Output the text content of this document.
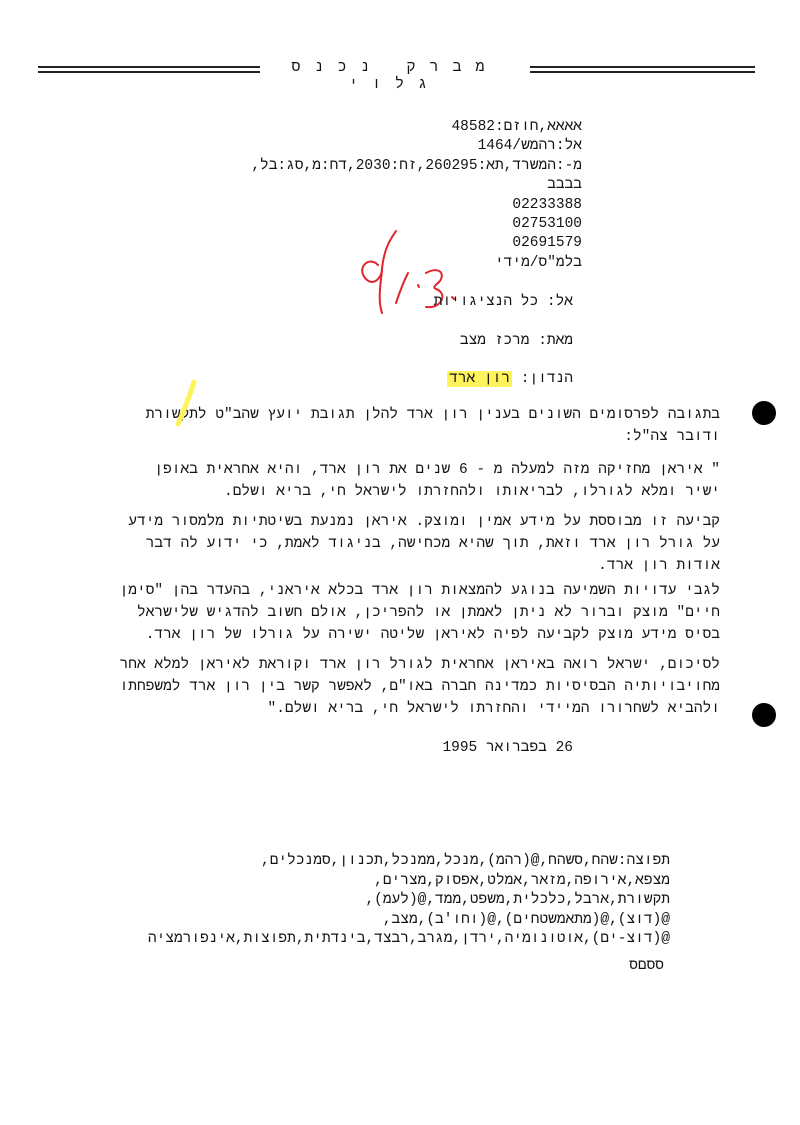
מברק נכנס גלוי
אאאא,חוזם:48582
אל:רהמש/1464
מ-:המשרד,תא:260295,זח:2030,דח:מ,סג:בל,
בבבב
02233388
02753100
02691579
בלמ"ס/מידי
אל: כל הנציגויות
מאת: מרכז מצב
הנדון: רון ארד
בתגובה לפרסומים השונים בענין רון ארד להלן תגובת יועץ שהב"ט לתקשורת
ודובר צה"ל:
" איראן מחזיקה מזה למעלה מ - 6 שנים את רון ארד, והיא אחראית באופן
ישיר ומלא לגורלו, לבריאותו ולהחזרתו לישראל חי, בריא ושלם.
קביעה זו מבוססת על מידע אמין ומוצק. איראן נמנעת בשיטתיות מלמסור מידע
על גורל רון ארד וזאת, תוך שהיא מכחישה, בניגוד לאמת, כי ידוע לה דבר
אודות רון ארד.
לגבי עדויות השמיעה בנוגע להמצאות רון ארד בכלא איראני, בהעדר בהן "סימן
חיים" מוצק וברור לא ניתן לאמתן או להפריכן, אולם חשוב להדגיש שלישראל
בסיס מידע מוצק לקביעה לפיה לאיראן שליטה ישירה על גורלו של רון ארד.
לסיכום, ישראל רואה באיראן אחראית לגורל רון ארד וקוראת לאיראן למלא אחר
מחויבויותיה הבסיסיות כמדינה חברה באו"ם, לאפשר קשר בין רון ארד למשפחתו
ולהביא לשחרורו המיידי והחזרתו לישראל חי, בריא ושלם."
26 בפברואר 1995
תפוצה:שהח,סשהח,@(רהמ),מנכל,ממנכל,תכנון,סמנכלים,
מצפא,אירופה,מזאר,אמלט,אפסוק,מצרים,
תקשורת,ארבל,כלכלית,משפט,ממד,@(לעמ),
@(דוצ),@(מתאמשטחים),@(וחו'ב),מצב,
@(דוצ-ים),אוטונומיה,ירדן,מגרב,רבצד,בינדתית,תפוצות,אינפורמציה
ססםס
